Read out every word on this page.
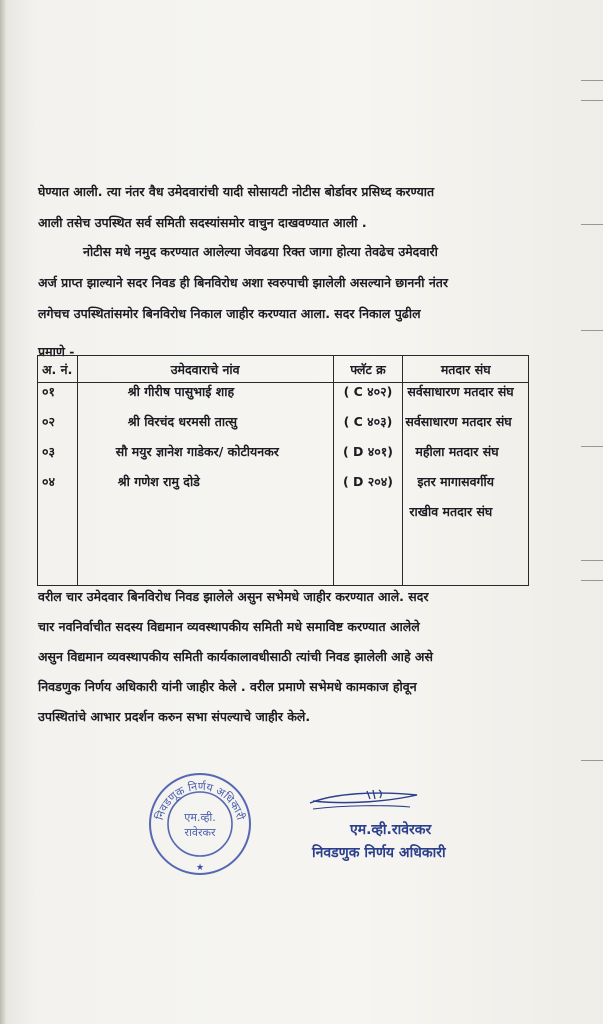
घेण्यात आली. त्या नंतर वैध उमेदवारांची यादी सोसायटी नोटीस बोर्डावर प्रसिध्द करण्यात
आली तसेच उपस्थित सर्व समिती सदस्यांसमोर वाचुन दाखवण्यात आली .
नोटीस मधे नमुद करण्यात आलेल्या जेवढया रिक्त जागा होत्या तेवढेच उमेदवारी
अर्ज प्राप्त झाल्याने सदर निवड ही बिनविरोध अशा स्वरुपाची झालेली असल्याने छाननी नंतर
लगेचच उपस्थितांसमोर बिनविरोध निकाल जाहीर करण्यात आला. सदर निकाल पुढील
प्रमाणे -
अ. नं.	उमेदवाराचे नांव	फ्लॅट क्र	मतदार संघ
०१	श्री गीरीष पासुभाई शाह	( C ४०२)	सर्वसाधारण मतदार संघ
०२	श्री विरचंद धरमसी तात्‍सु	( C ४०३)	सर्वसाधारण मतदार संघ
०३	सौ मयुर ज्ञानेश गाडेकर/ कोटीयनकर	( D ४०१)	महीला मतदार संघ
०४	श्री गणेश रामु दोडे	( D २०४)	इतर मागासवर्गीय
			राखीव मतदार संघ

वरील चार उमेदवार बिनविरोध निवड झालेले असुन सभेमधे जाहीर करण्यात आले. सदर
चार नवनिर्वाचीत सदस्य विद्यमान व्यवस्थापकीय समिती मधे समाविष्ट करण्यात आलेले
असुन विद्यमान व्यवस्थापकीय समिती कार्यकालावधीसाठी त्यांची निवड झालेली आहे असे
निवडणुक निर्णय अधिकारी यांनी जाहीर केले . वरील प्रमाणे सभेमधे कामकाज होवून
उपस्थितांचे आभार प्रदर्शन करुन सभा संपल्याचे जाहीर केले.
निवडणूक निर्णय अधिकारी
एम.व्ही.
रावेरकर
★
एम.व्ही.रावेरकर
निवडणुक निर्णय अधिकारी
